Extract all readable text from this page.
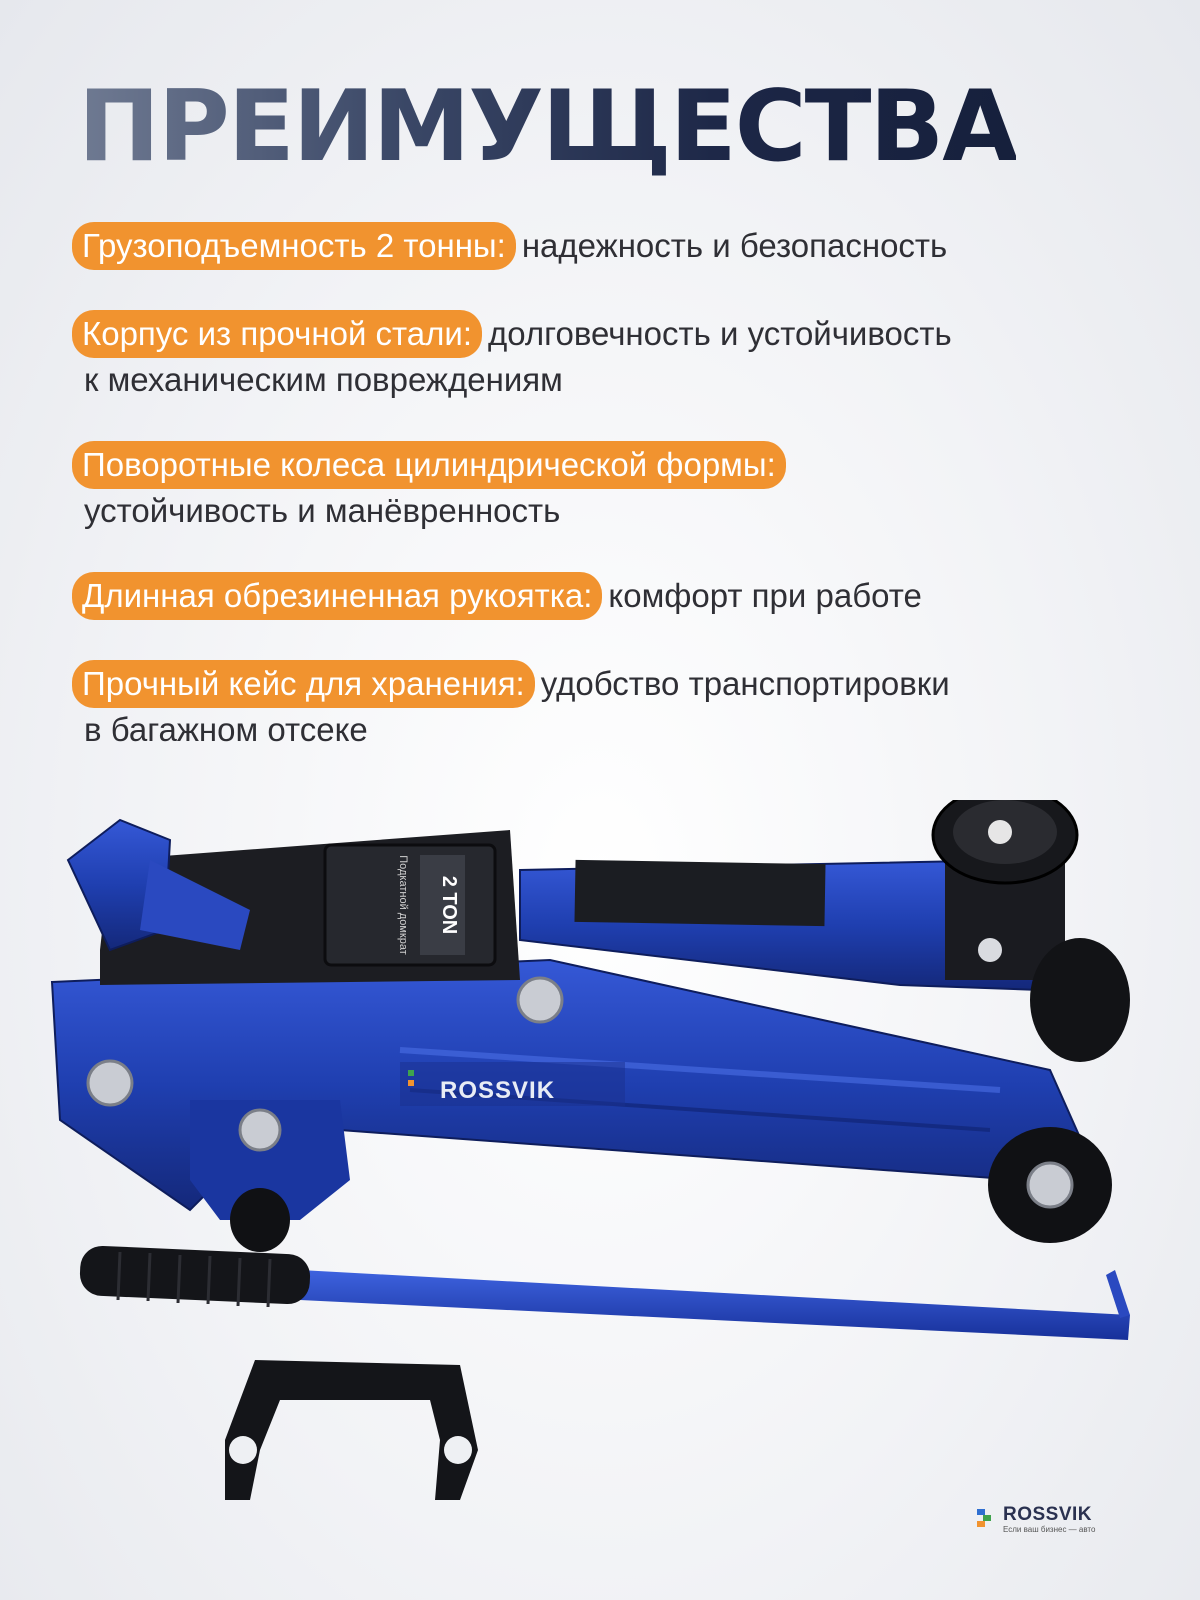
ПРЕИМУЩЕСТВА
Грузоподъемность 2 тонны: надежность и безопасность
Корпус из прочной стали: долговечность и устойчивость
к механическим повреждениям
Поворотные колеса цилиндрической формы:
устойчивость и манёвренность
Длинная обрезиненная рукоятка: комфорт при работе
Прочный кейс для хранения: удобство транспортировки
в багажном отсеке
2 TON
Подкатной домкрат
ROSSVIK
ROSSVIK
Если ваш бизнес — авто
